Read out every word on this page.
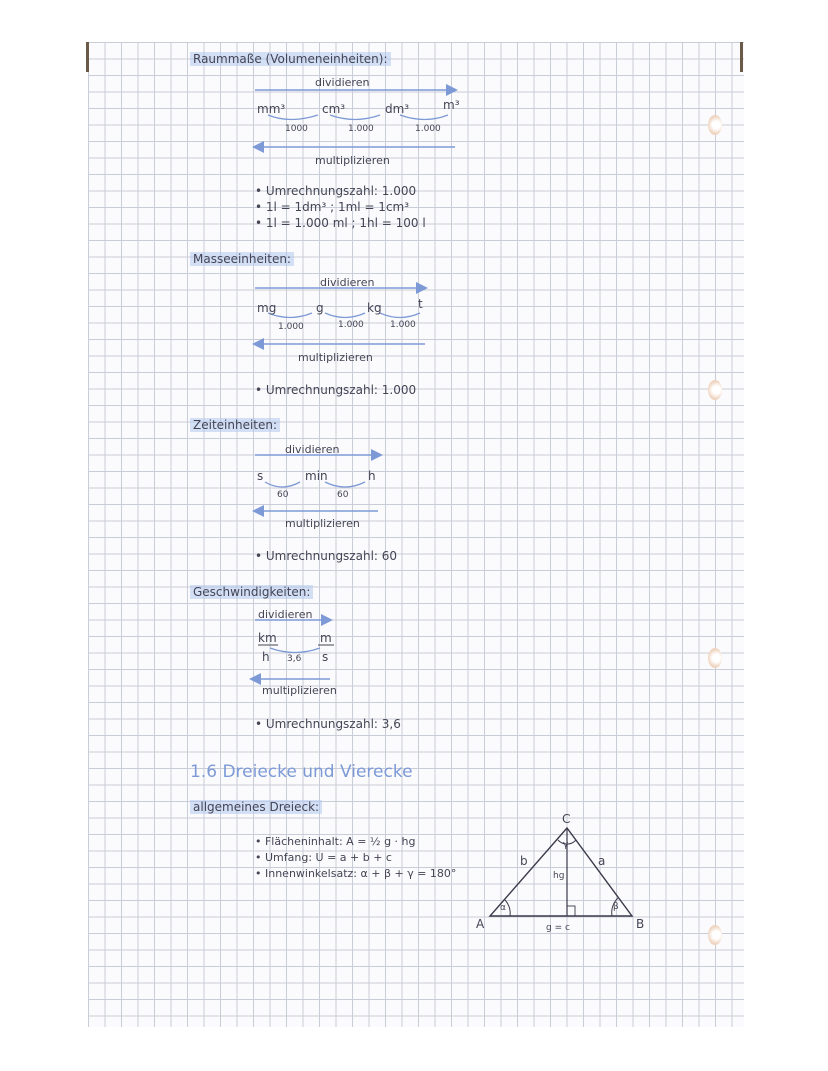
Raummaße (Volumeneinheiten):
dividieren
mm³	cm³	dm³	m³
1000	1.000	1.000
multiplizieren
• Umrechnungszahl: 1.000
• 1l = 1dm³ ; 1ml = 1cm³
• 1l = 1.000 ml ; 1hl = 100 l
Masseeinheiten:
dividieren
mg	g	kg	t
1.000	1.000	1.000
multiplizieren
• Umrechnungszahl: 1.000
Zeiteinheiten:
dividieren
s	min	h
60	60
multiplizieren
• Umrechnungszahl: 60
Geschwindigkeiten:
dividieren
km
h
m
s
3,6
multiplizieren
• Umrechnungszahl: 3,6
1.6 Dreiecke und Vierecke
allgemeines Dreieck:
• Flächeninhalt: A = ½ g · hg
• Umfang: U = a + b + c
• Innenwinkelsatz: α + β + γ = 180°
C
A	B
b	a
hg
g = c
α	β
γ
